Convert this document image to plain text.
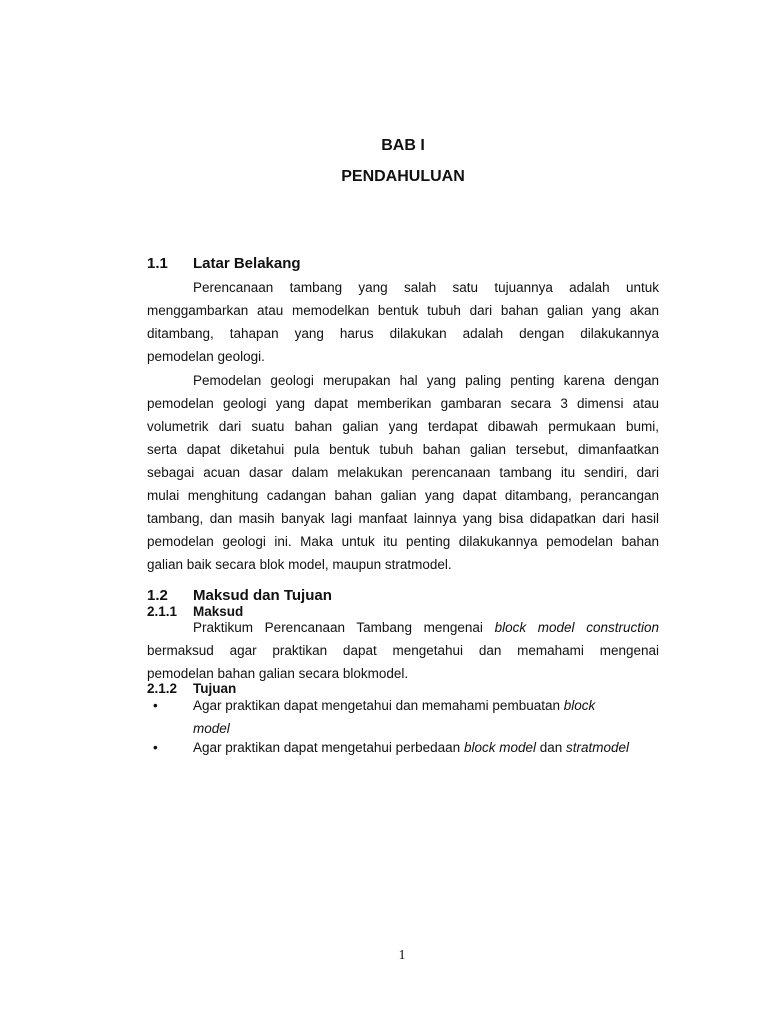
BAB I
PENDAHULUAN
1.1 Latar Belakang
Perencanaan tambang yang salah satu tujuannya adalah untuk
menggambarkan atau memodelkan bentuk tubuh dari bahan galian yang akan
ditambang, tahapan yang harus dilakukan adalah dengan dilakukannya
pemodelan geologi.
Pemodelan geologi merupakan hal yang paling penting karena dengan
pemodelan geologi yang dapat memberikan gambaran secara 3 dimensi atau
volumetrik dari suatu bahan galian yang terdapat dibawah permukaan bumi,
serta dapat diketahui pula bentuk tubuh bahan galian tersebut, dimanfaatkan
sebagai acuan dasar dalam melakukan perencanaan tambang itu sendiri, dari
mulai menghitung cadangan bahan galian yang dapat ditambang, perancangan
tambang, dan masih banyak lagi manfaat lainnya yang bisa didapatkan dari hasil
pemodelan geologi ini. Maka untuk itu penting dilakukannya pemodelan bahan
galian baik secara blok model, maupun stratmodel.
1.2 Maksud dan Tujuan
2.1.1 Maksud
Praktikum Perencanaan Tambang mengenai block model construction
bermaksud agar praktikan dapat mengetahui dan memahami mengenai
pemodelan bahan galian secara blokmodel.
2.1.2 Tujuan
•	Agar praktikan dapat mengetahui dan memahami pembuatan block
model
•	Agar praktikan dapat mengetahui perbedaan block model dan stratmodel
1
